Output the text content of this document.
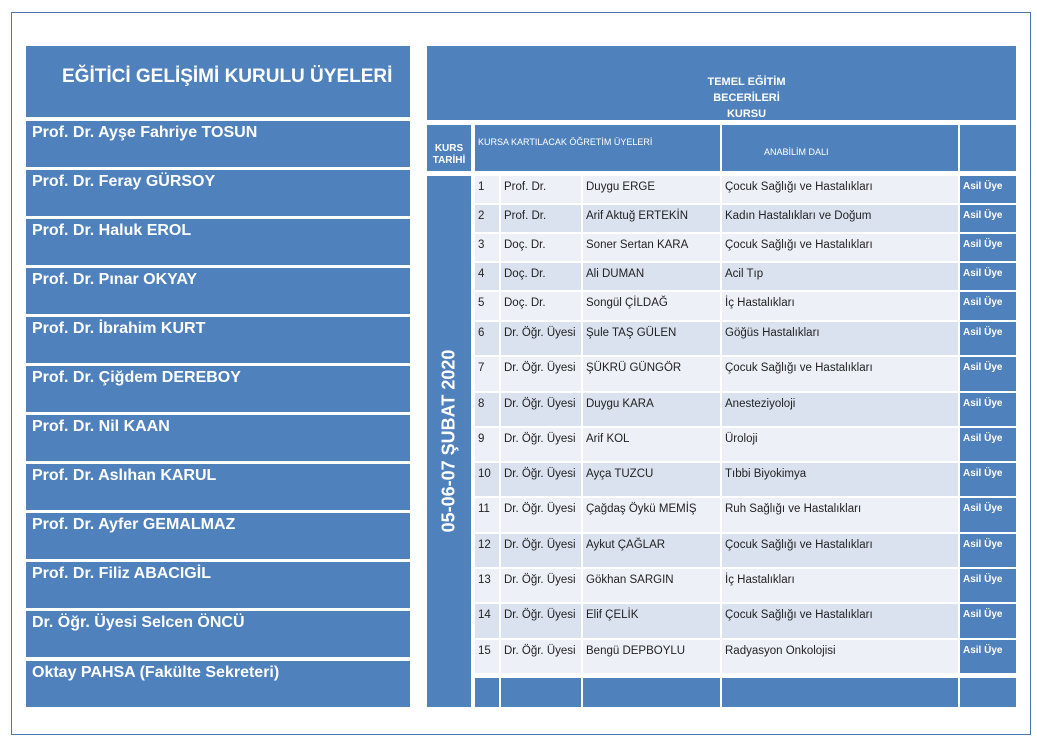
EĞİTİCİ GELİŞİMİ KURULU ÜYELERİ
Prof. Dr. Ayşe Fahriye TOSUN
Prof. Dr. Feray GÜRSOY
Prof. Dr. Haluk EROL
Prof. Dr. Pınar OKYAY
Prof. Dr. İbrahim KURT
Prof. Dr. Çiğdem DEREBOY
Prof. Dr. Nil KAAN
Prof. Dr. Aslıhan KARUL
Prof. Dr. Ayfer GEMALMAZ
Prof. Dr. Filiz ABACIGİL
Dr. Öğr. Üyesi Selcen ÖNCÜ
Oktay PAHSA (Fakülte Sekreteri)
TEMEL EĞİTİM
BECERİLERİ
KURSU
KURS TARİHİ
KURSA KARTILACAK ÖĞRETİM ÜYELERİ
ANABİLİM DALI
05-06-07 ŞUBAT 2020
1	Prof. Dr.	Duygu ERGE	Çocuk Sağlığı ve Hastalıkları	Asil Üye
2	Prof. Dr.	Arif Aktuğ ERTEKİN	Kadın Hastalıkları ve Doğum	Asil Üye
3	Doç. Dr.	Soner Sertan KARA	Çocuk Sağlığı ve Hastalıkları	Asil Üye
4	Doç. Dr.	Ali DUMAN	Acil Tıp	Asil Üye
5	Doç. Dr.	Songül ÇİLDAĞ	İç Hastalıkları	Asil Üye
6	Dr. Öğr. Üyesi Şule TAŞ GÜLEN	Göğüs Hastalıkları	Asil Üye
7	Dr. Öğr. Üyesi ŞÜKRÜ GÜNGÖR	Çocuk Sağlığı ve Hastalıkları	Asil Üye
8	Dr. Öğr. Üyesi Duygu KARA	Anesteziyoloji	Asil Üye
9	Dr. Öğr. Üyesi Arif KOL	Üroloji	Asil Üye
10	Dr. Öğr. Üyesi Ayça TUZCU	Tıbbi Biyokimya	Asil Üye
11	Dr. Öğr. Üyesi Çağdaş Öykü MEMİŞ	Ruh Sağlığı ve Hastalıkları	Asil Üye
12	Dr. Öğr. Üyesi Aykut ÇAĞLAR	Çocuk Sağlığı ve Hastalıkları	Asil Üye
13	Dr. Öğr. Üyesi Gökhan SARGIN	İç Hastalıkları	Asil Üye
14	Dr. Öğr. Üyesi Elif ÇELİK	Çocuk Sağlığı ve Hastalıkları	Asil Üye
15	Dr. Öğr. Üyesi Bengü DEPBOYLU	Radyasyon Onkolojisi	Asil Üye
